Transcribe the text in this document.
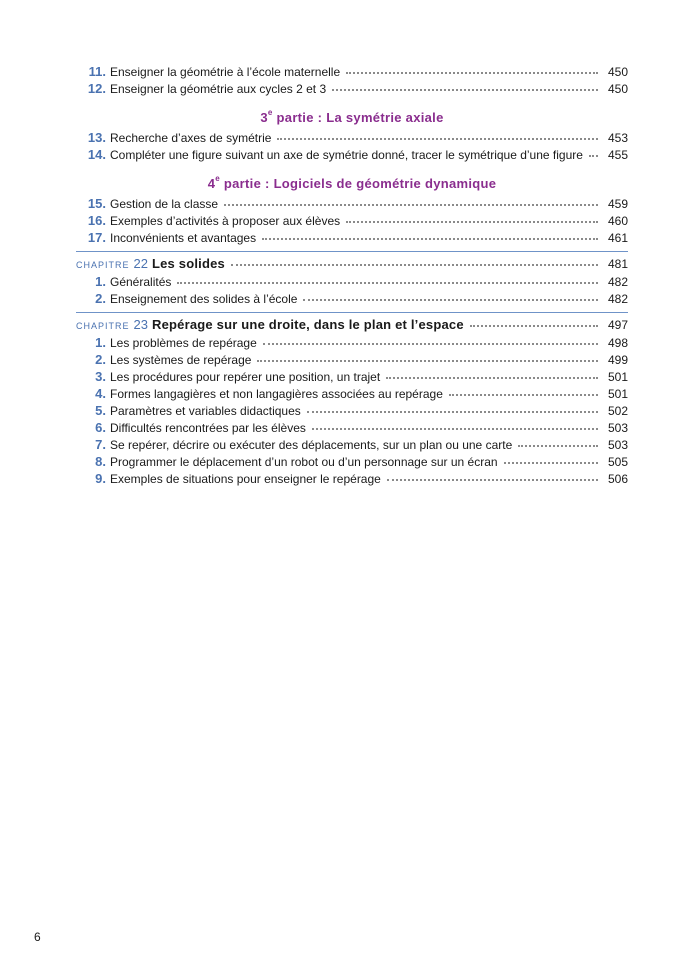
11. Enseigner la géométrie à l’école maternelle	450
12. Enseigner la géométrie aux cycles 2 et 3	450
3e partie : La symétrie axiale
13. Recherche d’axes de symétrie	453
14. Compléter une figure suivant un axe de symétrie donné, tracer le symétrique d’une figure	455
4e partie : Logiciels de géométrie dynamique
15. Gestion de la classe	459
16. Exemples d’activités à proposer aux élèves	460
17. Inconvénients et avantages	461
CHAPITRE 22 Les solides	481
1. Généralités	482
2. Enseignement des solides à l’école	482
CHAPITRE 23 Repérage sur une droite, dans le plan et l’espace	497
1. Les problèmes de repérage	498
2. Les systèmes de repérage	499
3. Les procédures pour repérer une position, un trajet	501
4. Formes langagières et non langagières associées au repérage	501
5. Paramètres et variables didactiques	502
6. Difficultés rencontrées par les élèves	503
7. Se repérer, décrire ou exécuter des déplacements, sur un plan ou une carte	503
8. Programmer le déplacement d’un robot ou d’un personnage sur un écran	505
9. Exemples de situations pour enseigner le repérage	506
6
